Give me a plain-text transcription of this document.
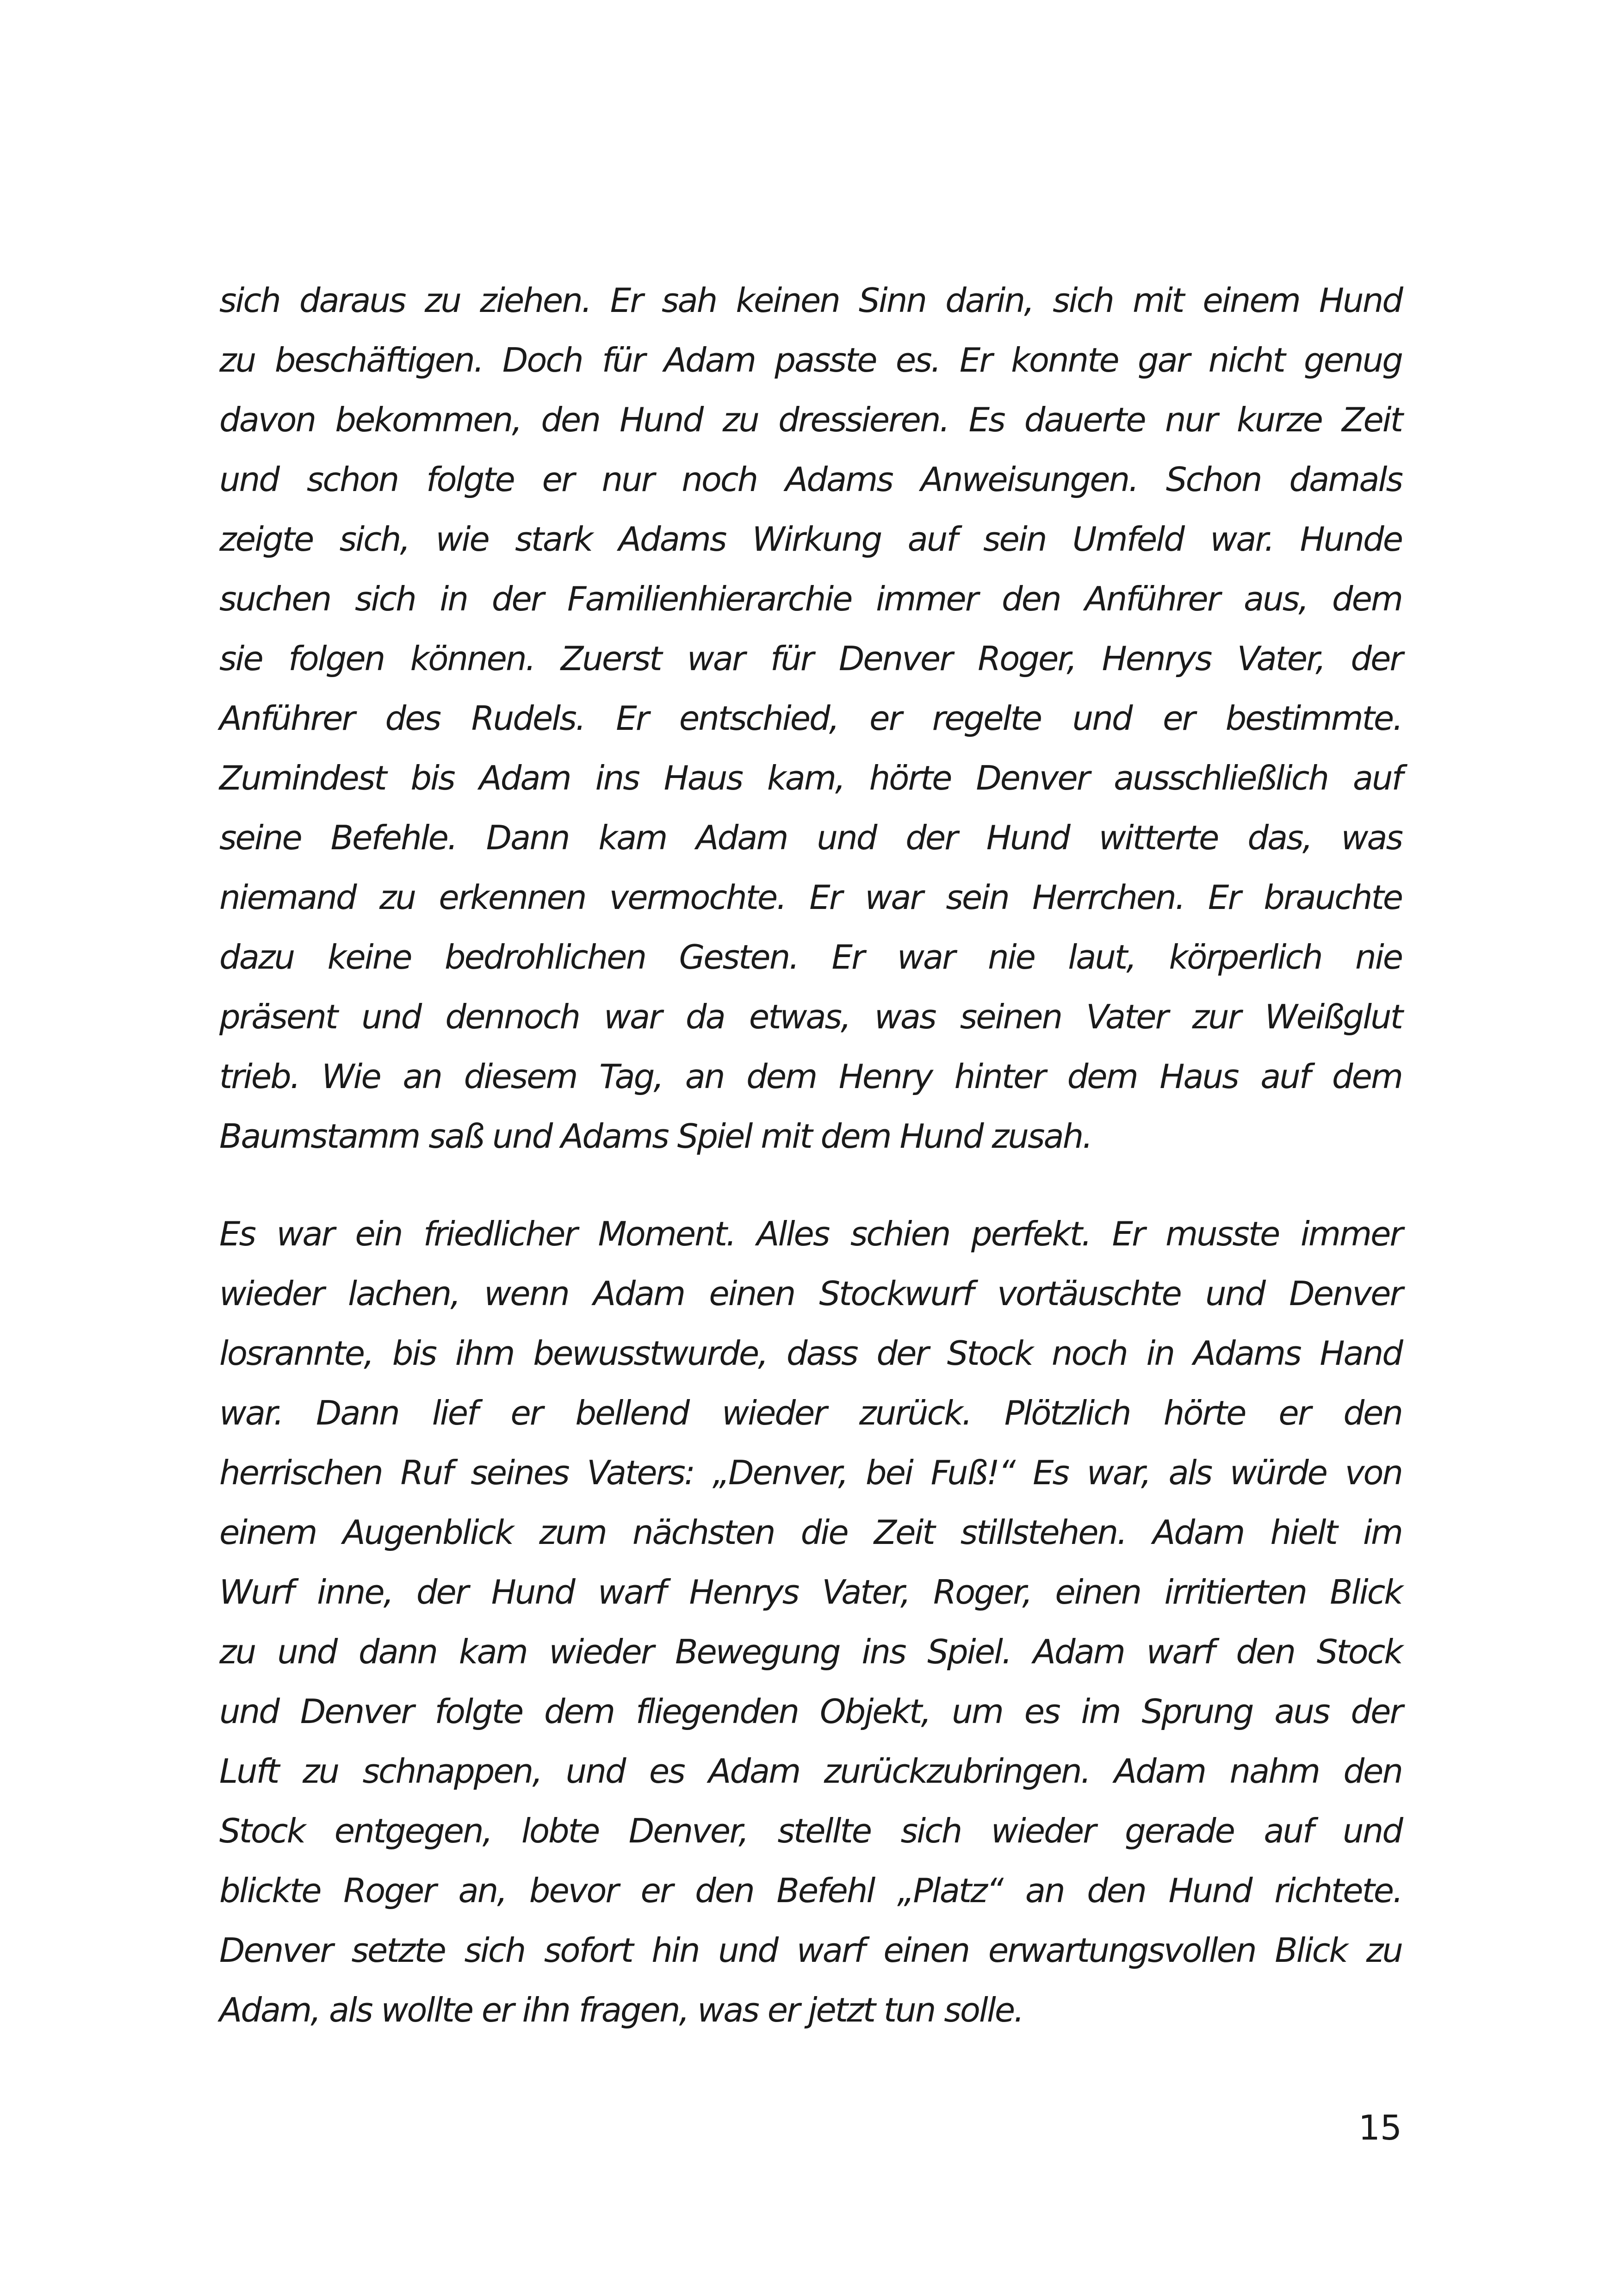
sich daraus zu ziehen. Er sah keinen Sinn darin, sich mit einem Hund
zu beschäftigen. Doch für Adam passte es. Er konnte gar nicht genug
davon bekommen, den Hund zu dressieren. Es dauerte nur kurze Zeit
und schon folgte er nur noch Adams Anweisungen. Schon damals
zeigte sich, wie stark Adams Wirkung auf sein Umfeld war. Hunde
suchen sich in der Familienhierarchie immer den Anführer aus, dem
sie folgen können. Zuerst war für Denver Roger, Henrys Vater, der
Anführer des Rudels. Er entschied, er regelte und er bestimmte.
Zumindest bis Adam ins Haus kam, hörte Denver ausschließlich auf
seine Befehle. Dann kam Adam und der Hund witterte das, was
niemand zu erkennen vermochte. Er war sein Herrchen. Er brauchte
dazu keine bedrohlichen Gesten. Er war nie laut, körperlich nie
präsent und dennoch war da etwas, was seinen Vater zur Weißglut
trieb. Wie an diesem Tag, an dem Henry hinter dem Haus auf dem
Baumstamm saß und Adams Spiel mit dem Hund zusah.
Es war ein friedlicher Moment. Alles schien perfekt. Er musste immer
wieder lachen, wenn Adam einen Stockwurf vortäuschte und Denver
losrannte, bis ihm bewusstwurde, dass der Stock noch in Adams Hand
war. Dann lief er bellend wieder zurück. Plötzlich hörte er den
herrischen Ruf seines Vaters: „Denver, bei Fuß!“ Es war, als würde von
einem Augenblick zum nächsten die Zeit stillstehen. Adam hielt im
Wurf inne, der Hund warf Henrys Vater, Roger, einen irritierten Blick
zu und dann kam wieder Bewegung ins Spiel. Adam warf den Stock
und Denver folgte dem fliegenden Objekt, um es im Sprung aus der
Luft zu schnappen, und es Adam zurückzubringen. Adam nahm den
Stock entgegen, lobte Denver, stellte sich wieder gerade auf und
blickte Roger an, bevor er den Befehl „Platz“ an den Hund richtete.
Denver setzte sich sofort hin und warf einen erwartungsvollen Blick zu
Adam, als wollte er ihn fragen, was er jetzt tun solle.
15
